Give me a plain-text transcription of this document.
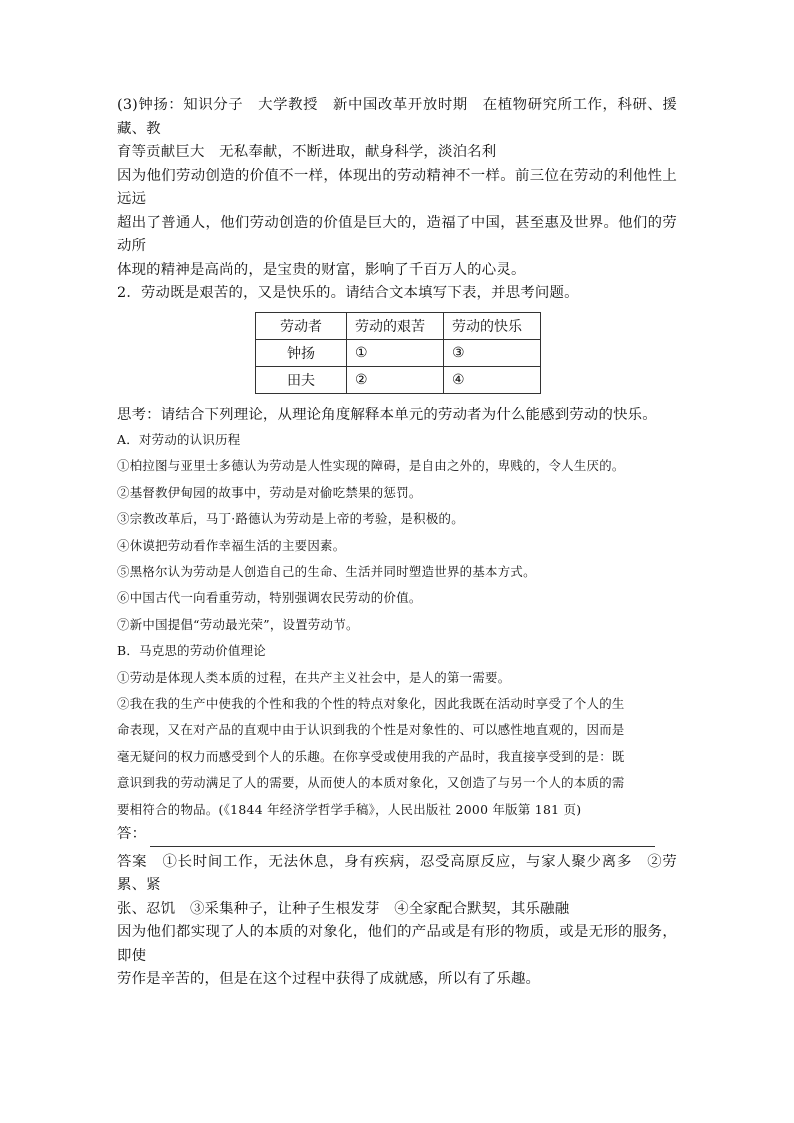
(3)钟扬：知识分子　大学教授　新中国改革开放时期　在植物研究所工作，科研、援藏、教

育等贡献巨大　无私奉献，不断进取，献身科学，淡泊名利

因为他们劳动创造的价值不一样，体现出的劳动精神不一样。前三位在劳动的利他性上远远

超出了普通人，他们劳动创造的价值是巨大的，造福了中国，甚至惠及世界。他们的劳动所

体现的精神是高尚的，是宝贵的财富，影响了千百万人的心灵。

2．劳动既是艰苦的，又是快乐的。请结合文本填写下表，并思考问题。

劳动者	劳动的艰苦	劳动的快乐
钟扬	①	③
田夫	②	④

思考：请结合下列理论，从理论角度解释本单元的劳动者为什么能感到劳动的快乐。

A．对劳动的认识历程

①柏拉图与亚里士多德认为劳动是人性实现的障碍，是自由之外的，卑贱的，令人生厌的。

②基督教伊甸园的故事中，劳动是对偷吃禁果的惩罚。

③宗教改革后，马丁·路德认为劳动是上帝的考验，是积极的。

④休谟把劳动看作幸福生活的主要因素。

⑤黑格尔认为劳动是人创造自己的生命、生活并同时塑造世界的基本方式。

⑥中国古代一向看重劳动，特别强调农民劳动的价值。

⑦新中国提倡“劳动最光荣”，设置劳动节。

B．马克思的劳动价值理论

①劳动是体现人类本质的过程，在共产主义社会中，是人的第一需要。

②我在我的生产中使我的个性和我的个性的特点对象化，因此我既在活动时享受了个人的生

命表现，又在对产品的直观中由于认识到我的个性是对象性的、可以感性地直观的，因而是

毫无疑问的权力而感受到个人的乐趣。在你享受或使用我的产品时，我直接享受到的是：既

意识到我的劳动满足了人的需要，从而使人的本质对象化，又创造了与另一个人的本质的需

要相符合的物品。(《1844 年经济学哲学手稿》，人民出版社 2000 年版第 181 页)

答：

答案　①长时间工作，无法休息，身有疾病，忍受高原反应，与家人聚少离多　②劳累、紧

张、忍饥　③采集种子，让种子生根发芽　④全家配合默契，其乐融融

因为他们都实现了人的本质的对象化，他们的产品或是有形的物质，或是无形的服务，即使

劳作是辛苦的，但是在这个过程中获得了成就感，所以有了乐趣。
